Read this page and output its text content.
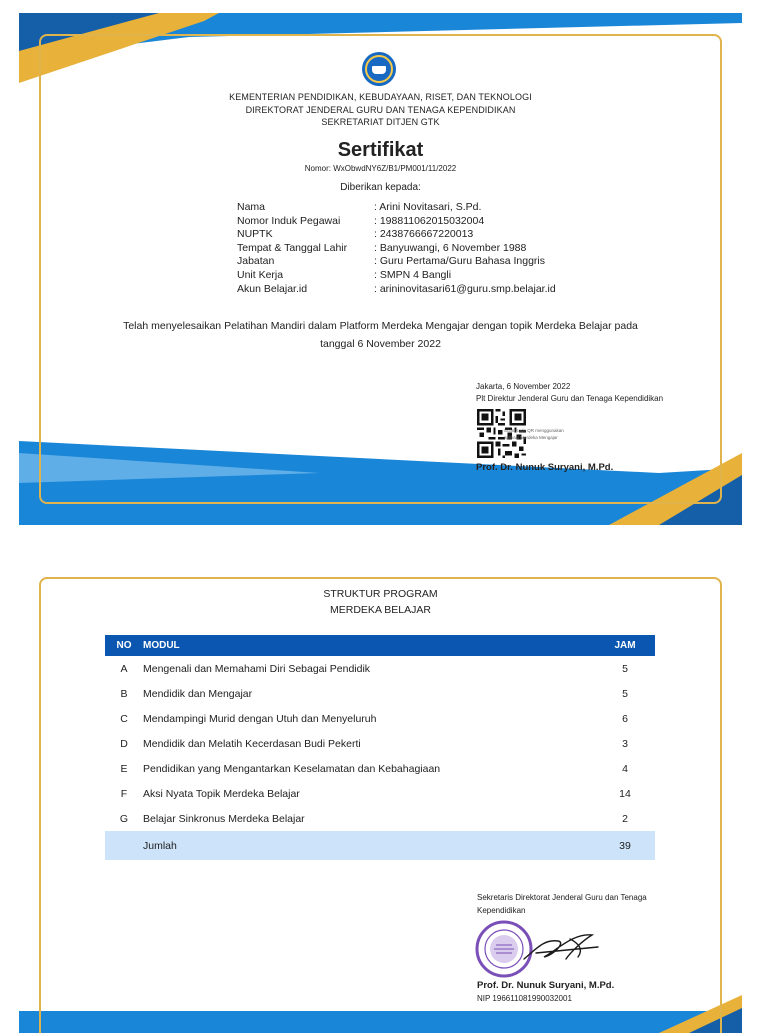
KEMENTERIAN PENDIDIKAN, KEBUDAYAAN, RISET, DAN TEKNOLOGI
DIREKTORAT JENDERAL GURU DAN TENAGA KEPENDIDIKAN
SEKRETARIAT DITJEN GTK
Sertifikat
Nomor: WxObwdNY6Z/B1/PM001/11/2022
Diberikan kepada:
Nama	: Arini Novitasari, S.Pd.
Nomor Induk Pegawai	: 198811062015032004
NUPTK	: 2438766667220013
Tempat & Tanggal Lahir	: Banyuwangi, 6 November 1988
Jabatan	: Guru Pertama/Guru Bahasa Inggris
Unit Kerja	: SMPN 4 Bangli
Akun Belajar.id	: arininovitasari61@guru.smp.belajar.id
Telah menyelesaikan Pelatihan Mandiri dalam Platform Merdeka Mengajar dengan topik Merdeka Belajar pada
tanggal 6 November 2022
Jakarta, 6 November 2022
Plt Direktur Jenderal Guru dan Tenaga Kependidikan
Scan Kode QR menggunakan
aplikasi Merdeka Mengajar
Prof. Dr. Nunuk Suryani, M.Pd.
STRUKTUR PROGRAM
MERDEKA BELAJAR
NO	MODUL	JAM
A	Mengenali dan Memahami Diri Sebagai Pendidik	5
B	Mendidik dan Mengajar	5
C	Mendampingi Murid dengan Utuh dan Menyeluruh	6
D	Mendidik dan Melatih Kecerdasan Budi Pekerti	3
E	Pendidikan yang Mengantarkan Keselamatan dan Kebahagiaan	4
F	Aksi Nyata Topik Merdeka Belajar	14
G	Belajar Sinkronus Merdeka Belajar	2
	Jumlah	39
Sekretaris Direktorat Jenderal Guru dan Tenaga Kependidikan
Prof. Dr. Nunuk Suryani, M.Pd.
NIP 196611081990032001
